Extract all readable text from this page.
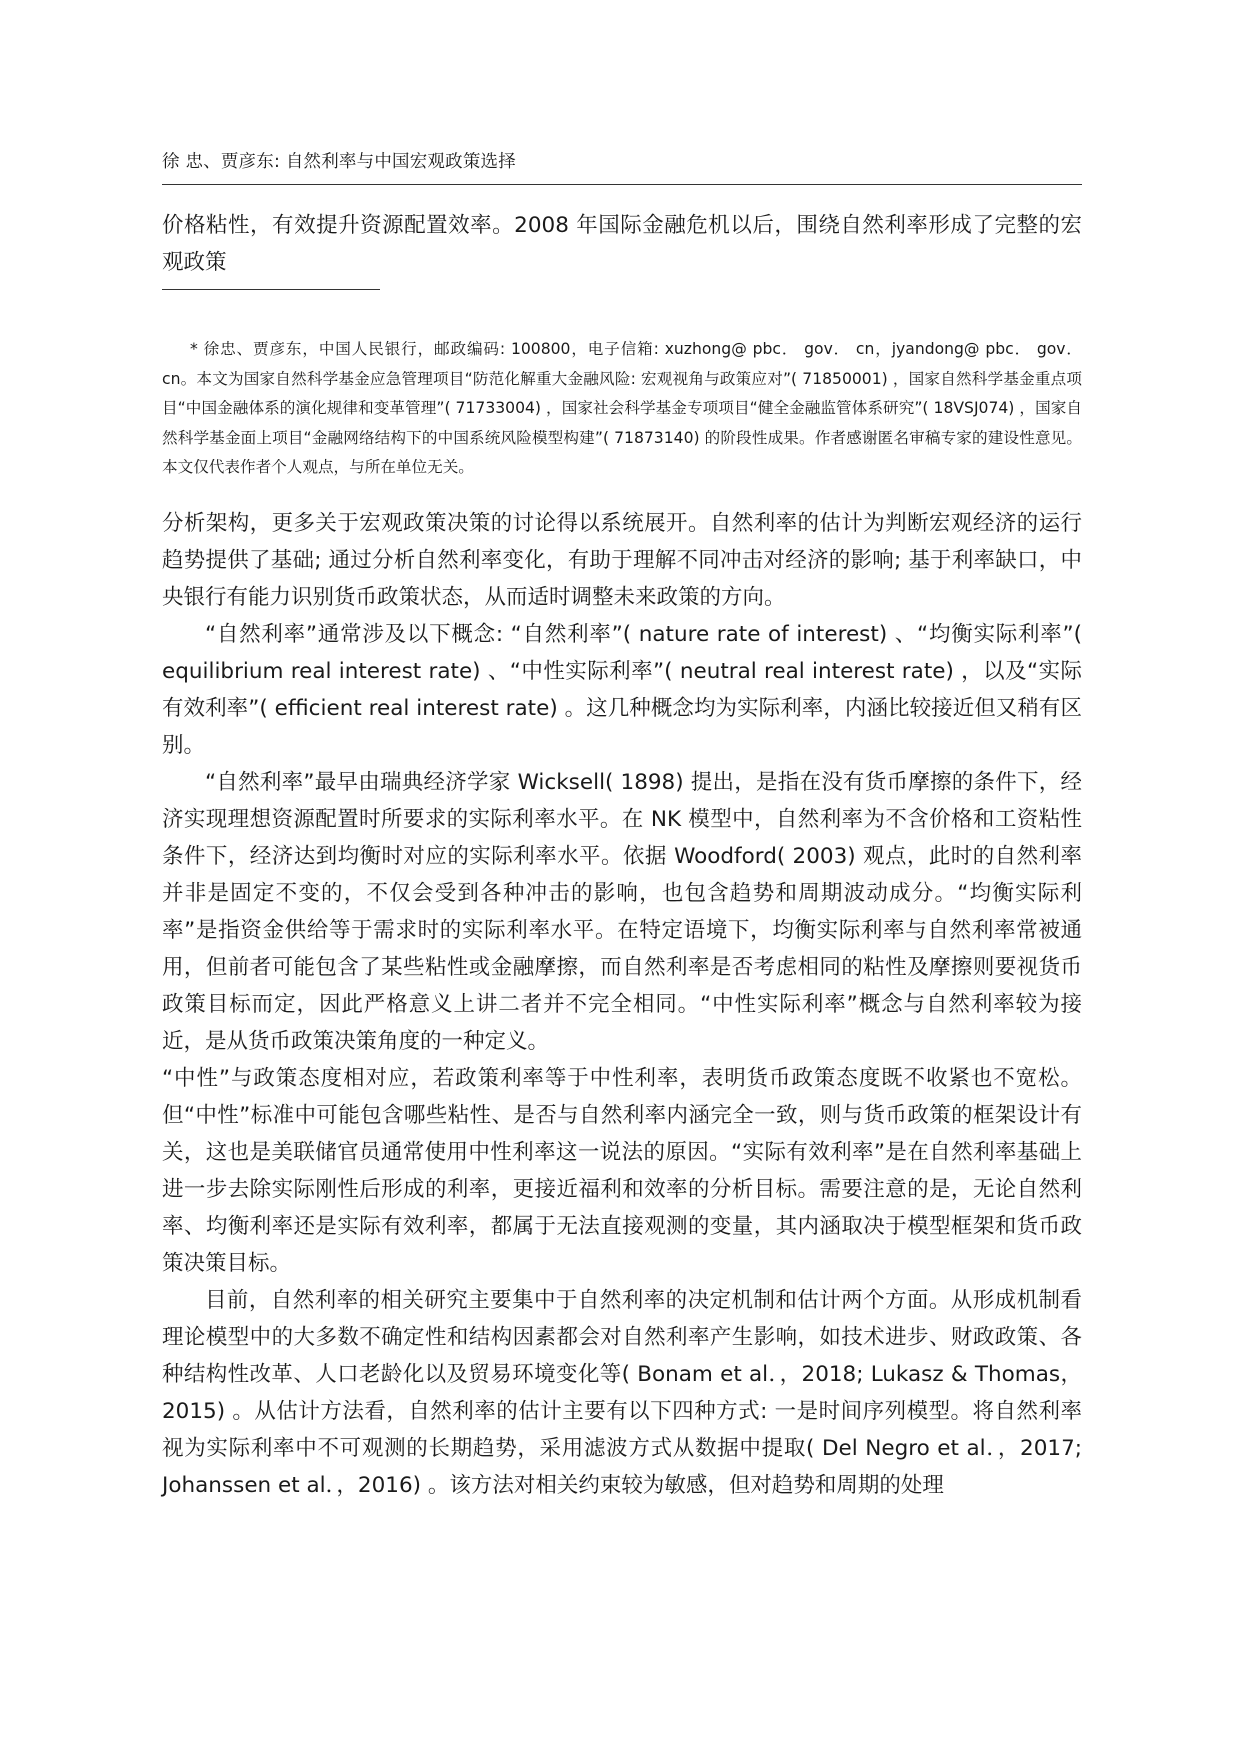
徐 忠、贾彦东: 自然利率与中国宏观政策选择

价格粘性，有效提升资源配置效率。2008 年国际金融危机以后，围绕自然利率形成了完整的宏观政策

* 徐忠、贾彦东，中国人民银行，邮政编码: 100800，电子信箱: xuzhong@ pbc． gov． cn，jyandong@ pbc． gov． cn。本文为国家自然科学基金应急管理项目“防范化解重大金融风险: 宏观视角与政策应对”( 71850001) ，国家自然科学基金重点项目“中国金融体系的演化规律和变革管理”( 71733004) ，国家社会科学基金专项项目“健全金融监管体系研究”( 18VSJ074) ，国家自然科学基金面上项目“金融网络结构下的中国系统风险模型构建”( 71873140) 的阶段性成果。作者感谢匿名审稿专家的建设性意见。本文仅代表作者个人观点，与所在单位无关。

分析架构，更多关于宏观政策决策的讨论得以系统展开。自然利率的估计为判断宏观经济的运行趋势提供了基础; 通过分析自然利率变化，有助于理解不同冲击对经济的影响; 基于利率缺口，中央银行有能力识别货币政策状态，从而适时调整未来政策的方向。

“自然利率”通常涉及以下概念: “自然利率”( nature rate of interest) 、“均衡实际利率”( equilibrium real interest rate) 、“中性实际利率”( neutral real interest rate) ，以及“实际有效利率”( efficient real interest rate) 。这几种概念均为实际利率，内涵比较接近但又稍有区别。

“自然利率”最早由瑞典经济学家 Wicksell( 1898) 提出，是指在没有货币摩擦的条件下，经济实现理想资源配置时所要求的实际利率水平。在 NK 模型中，自然利率为不含价格和工资粘性条件下，经济达到均衡时对应的实际利率水平。依据 Woodford( 2003) 观点，此时的自然利率并非是固定不变的，不仅会受到各种冲击的影响，也包含趋势和周期波动成分。“均衡实际利率”是指资金供给等于需求时的实际利率水平。在特定语境下，均衡实际利率与自然利率常被通用，但前者可能包含了某些粘性或金融摩擦，而自然利率是否考虑相同的粘性及摩擦则要视货币政策目标而定，因此严格意义上讲二者并不完全相同。“中性实际利率”概念与自然利率较为接近，是从货币政策决策角度的一种定义。

“中性”与政策态度相对应，若政策利率等于中性利率，表明货币政策态度既不收紧也不宽松。但“中性”标准中可能包含哪些粘性、是否与自然利率内涵完全一致，则与货币政策的框架设计有关，这也是美联储官员通常使用中性利率这一说法的原因。“实际有效利率”是在自然利率基础上进一步去除实际刚性后形成的利率，更接近福利和效率的分析目标。需要注意的是，无论自然利率、均衡利率还是实际有效利率，都属于无法直接观测的变量，其内涵取决于模型框架和货币政策决策目标。

目前，自然利率的相关研究主要集中于自然利率的决定机制和估计两个方面。从形成机制看理论模型中的大多数不确定性和结构因素都会对自然利率产生影响，如技术进步、财政政策、各种结构性改革、人口老龄化以及贸易环境变化等( Bonam et al．，2018; Lukasz & Thomas，2015) 。从估计方法看，自然利率的估计主要有以下四种方式: 一是时间序列模型。将自然利率视为实际利率中不可观测的长期趋势，采用滤波方式从数据中提取( Del Negro et al．，2017; Johanssen et al．，2016) 。该方法对相关约束较为敏感，但对趋势和周期的处理
